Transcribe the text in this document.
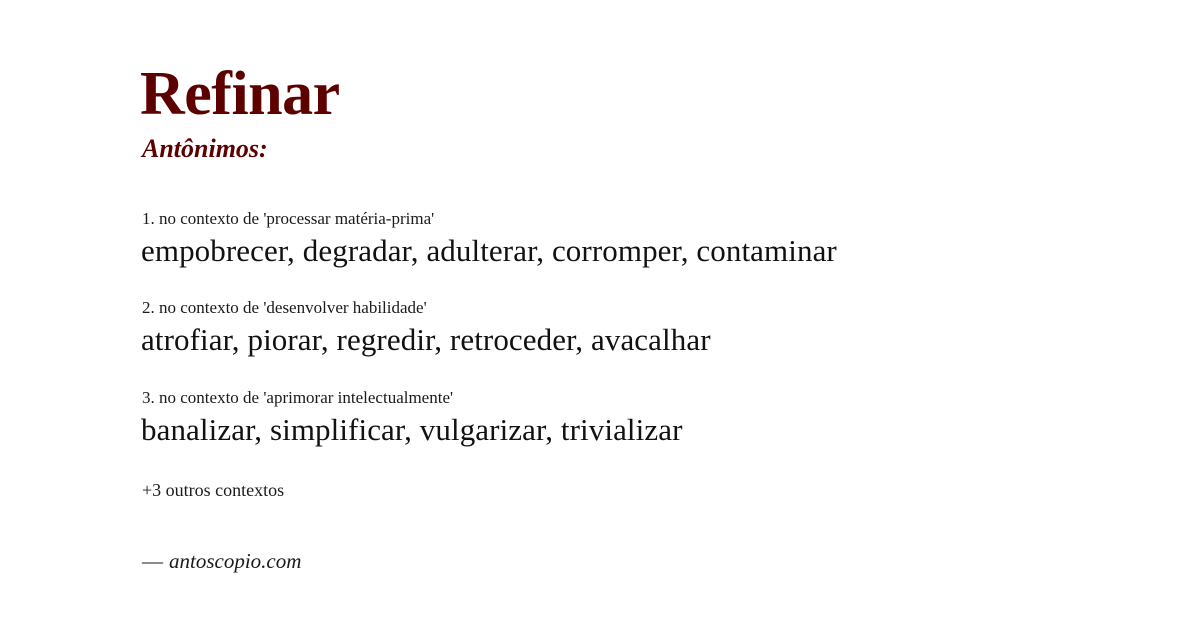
Refinar
Antônimos:
1. no contexto de 'processar matéria-prima'
empobrecer, degradar, adulterar, corromper, contaminar
2. no contexto de 'desenvolver habilidade'
atrofiar, piorar, regredir, retroceder, avacalhar
3. no contexto de 'aprimorar intelectualmente'
banalizar, simplificar, vulgarizar, trivializar
+3 outros contextos
— antoscopio.com
